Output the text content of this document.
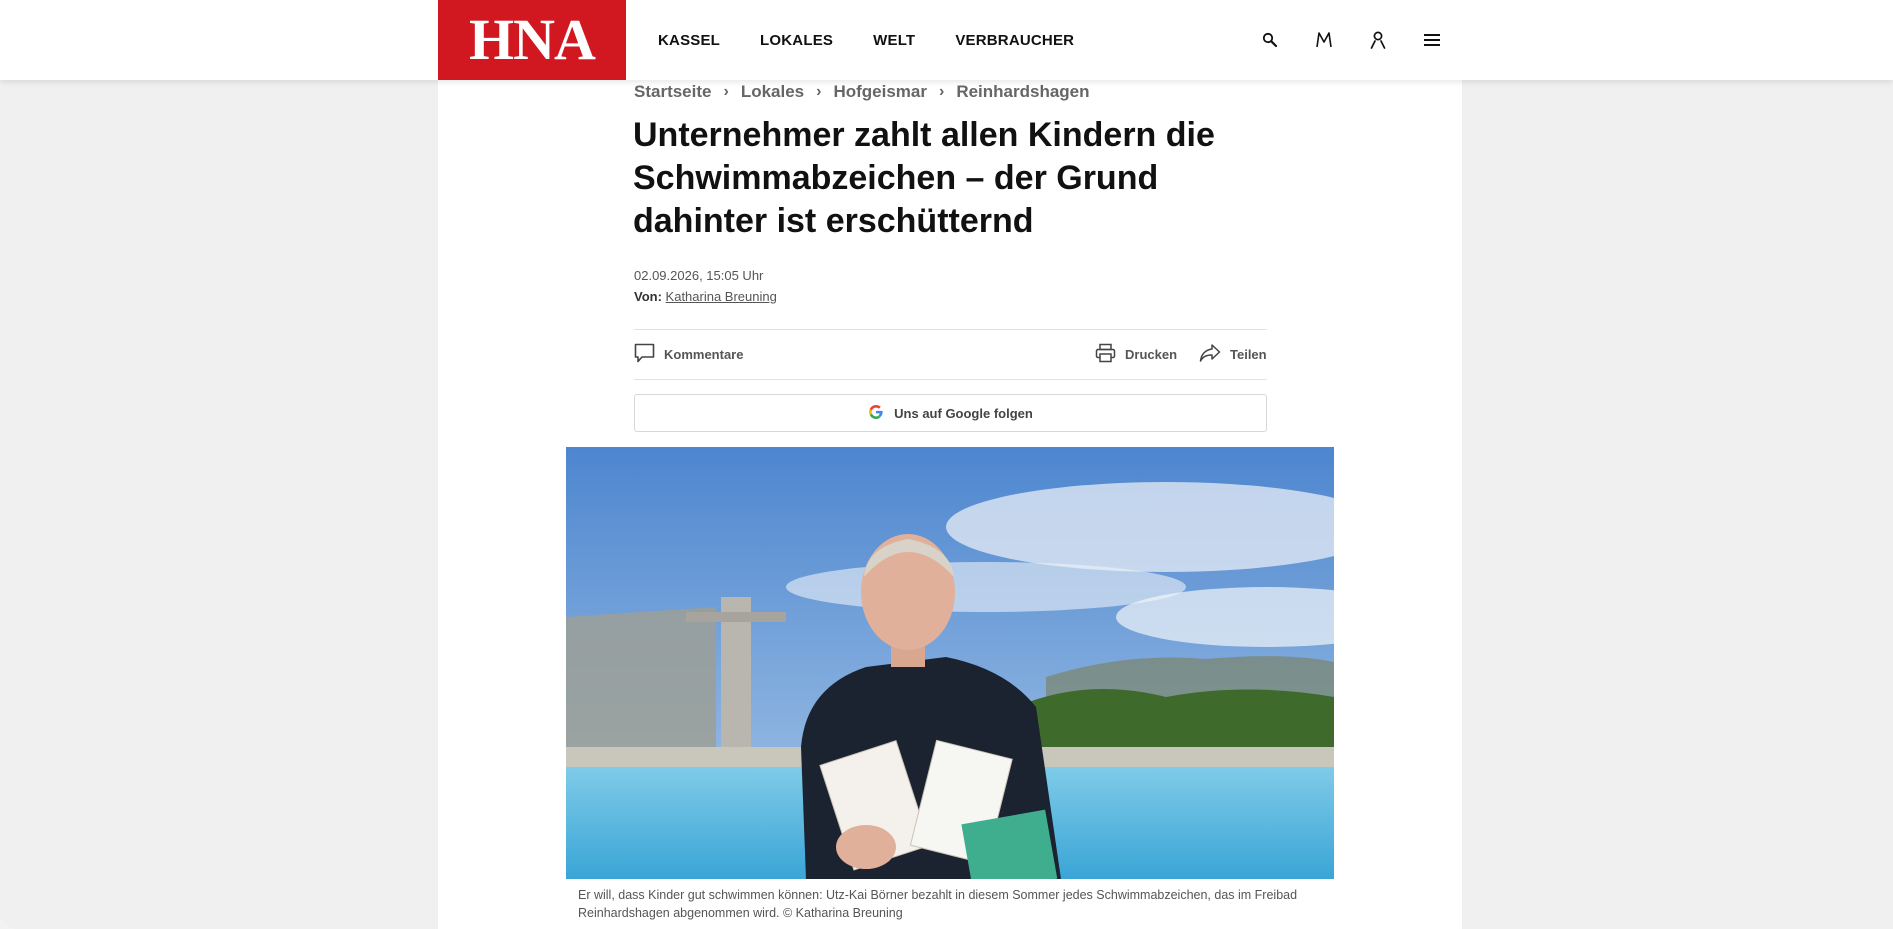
HNA	KASSEL	LOKALES	WELT	VERBRAUCHER
Startseite › Lokales › Hofgeismar › Reinhardshagen
Unternehmer zahlt allen Kindern die Schwimmabzeichen – der Grund dahinter ist erschütternd
02.09.2026, 15:05 Uhr
Von: Katharina Breuning
Kommentare	Drucken	Teilen
Uns auf Google folgen

Er will, dass Kinder gut schwimmen können: Utz-Kai Börner bezahlt in diesem Sommer jedes Schwimmabzeichen, das im Freibad Reinhardshagen abgenommen wird. © Katharina Breuning
